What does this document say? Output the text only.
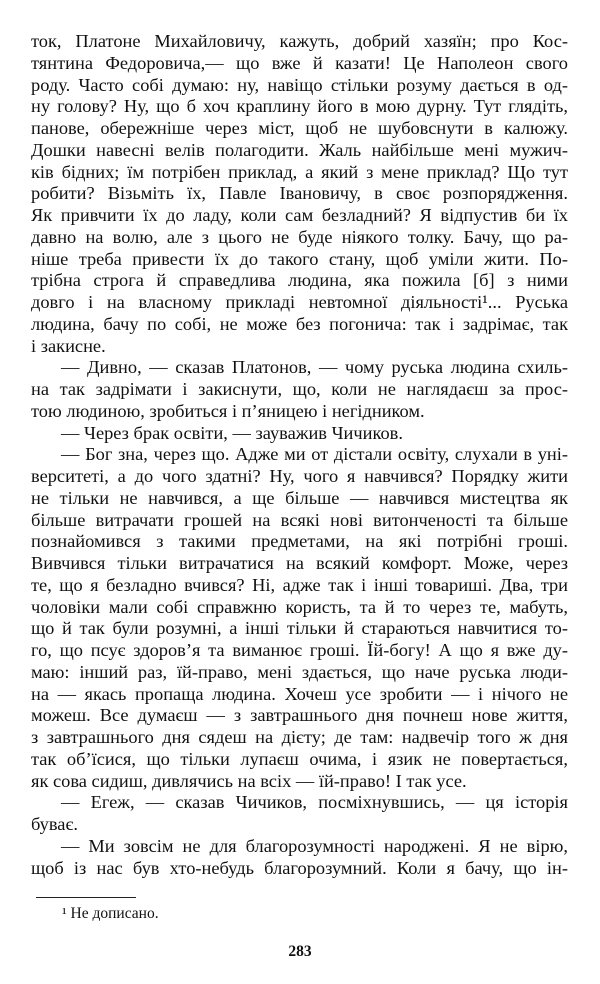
ток, Платоне Михайловичу, кажуть, добрий хазяїн; про Кос-
тянтина Федоровича,— що вже й казати! Це Наполеон свого
роду. Часто собі думаю: ну, навіщо стільки розуму дається в од-
ну голову? Ну, що б хоч краплину його в мою дурну. Тут глядіть,
панове, обережніше через міст, щоб не шубовснути в калюжу.
Дошки навесні велів полагодити. Жаль найбільше мені мужич-
ків бідних; їм потрібен приклад, а який з мене приклад? Що тут
робити? Візьміть їх, Павле Івановичу, в своє розпорядження.
Як привчити їх до ладу, коли сам безладний? Я відпустив би їх
давно на волю, але з цього не буде ніякого толку. Бачу, що ра-
ніше треба привести їх до такого стану, щоб уміли жити. По-
трібна строга й справедлива людина, яка пожила [б] з ними
довго і на власному прикладі невтомної діяльності¹... Руська
людина, бачу по собі, не може без погонича: так і задрімає, так
і закисне.
— Дивно, — сказав Платонов, — чому руська людина схиль-
на так задрімати і закиснути, що, коли не наглядаєш за прос-
тою людиною, зробиться і п’яницею і негідником.
— Через брак освіти, — зауважив Чичиков.
— Бог зна, через що. Адже ми от дістали освіту, слухали в уні-
верситеті, а до чого здатні? Ну, чого я навчився? Порядку жити
не тільки не навчився, а ще більше — навчився мистецтва як
більше витрачати грошей на всякі нові витонченості та більше
познайомився з такими предметами, на які потрібні гроші.
Вивчився тільки витрачатися на всякий комфорт. Може, через
те, що я безладно вчився? Ні, адже так і інші товариші. Два, три
чоловіки мали собі справжню користь, та й то через те, мабуть,
що й так були розумні, а інші тільки й стараються навчитися то-
го, що псує здоров’я та виманює гроші. Їй-богу! А що я вже ду-
маю: інший раз, їй-право, мені здається, що наче руська люди-
на — якась пропаща людина. Хочеш усе зробити — і нічого не
можеш. Все думаєш — з завтрашнього дня почнеш нове життя,
з завтрашнього дня сядеш на дієту; де там: надвечір того ж дня
так об’їсися, що тільки лупаєш очима, і язик не повертається,
як сова сидиш, дивлячись на всіх — їй-право! І так усе.
— Егеж, — сказав Чичиков, посміхнувшись, — ця історія
буває.
— Ми зовсім не для благорозумності народжені. Я не вірю,
щоб із нас був хто-небудь благорозумний. Коли я бачу, що ін-
¹ Не дописано.
283
